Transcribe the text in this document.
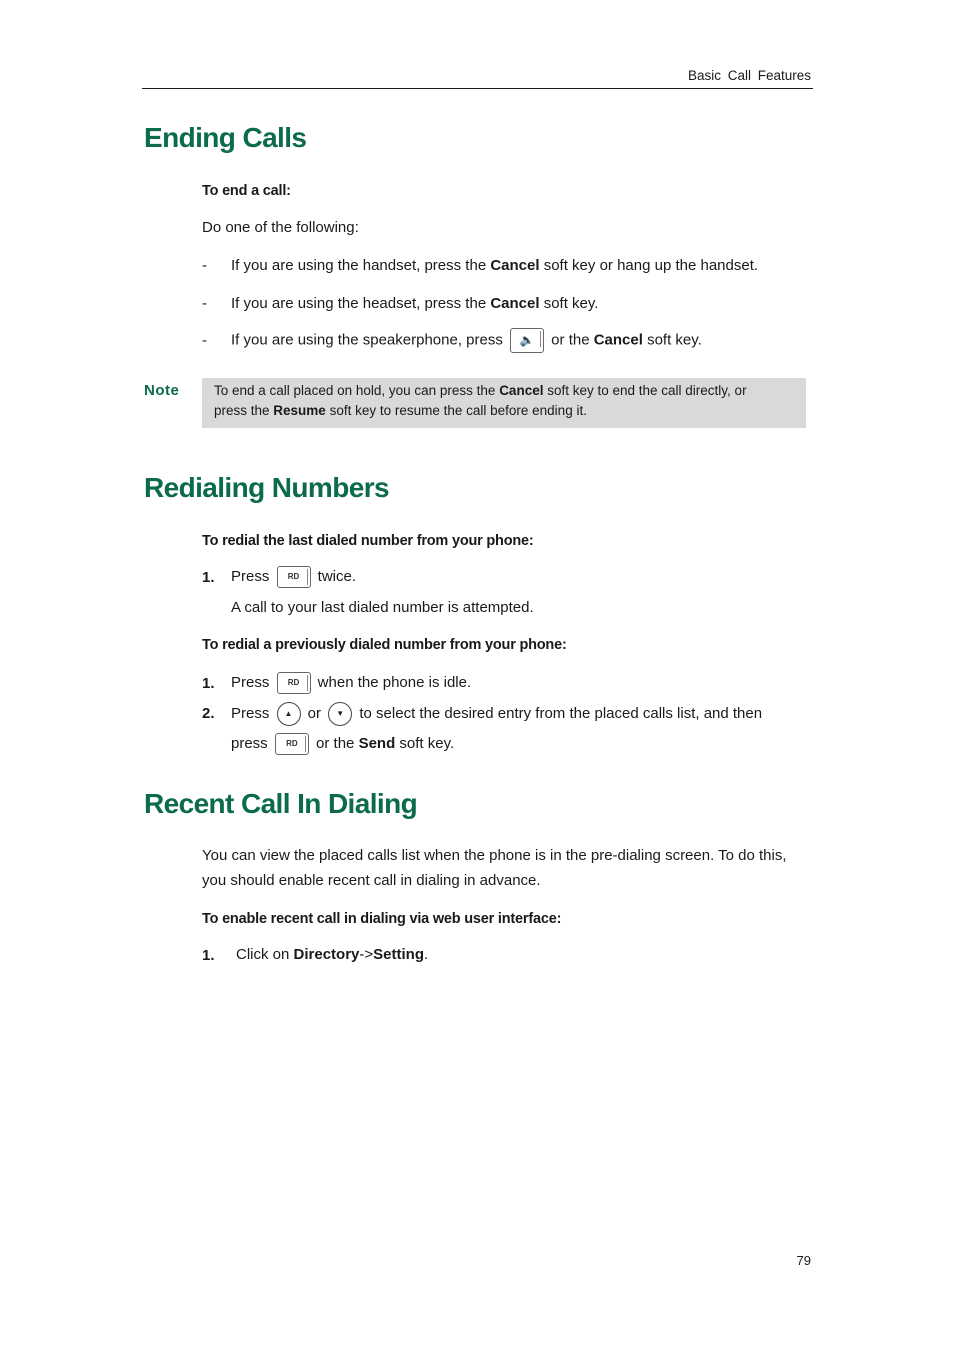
Basic Call Features
Ending Calls
To end a call:
Do one of the following:
- If you are using the handset, press the Cancel soft key or hang up the handset.
- If you are using the headset, press the Cancel soft key.
- If you are using the speakerphone, press	🔈 or the Cancel soft key.
Note	To end a call placed on hold, you can press the Cancel soft key to end the call directly, or
press the Resume soft key to resume the call before ending it.
Redialing Numbers
To redial the last dialed number from your phone:
1. Press	RD twice.
A call to your last dialed number is attempted.
To redial a previously dialed number from your phone:
1. Press	RD when the phone is idle.
2. Press ▲ or ▼ to select the desired entry from the placed calls list, and then
press	RD or the Send soft key.
Recent Call In Dialing
You can view the placed calls list when the phone is in the pre-dialing screen. To do this,
you should enable recent call in dialing in advance.
To enable recent call in dialing via web user interface:
1. Click on Directory->Setting.
79
